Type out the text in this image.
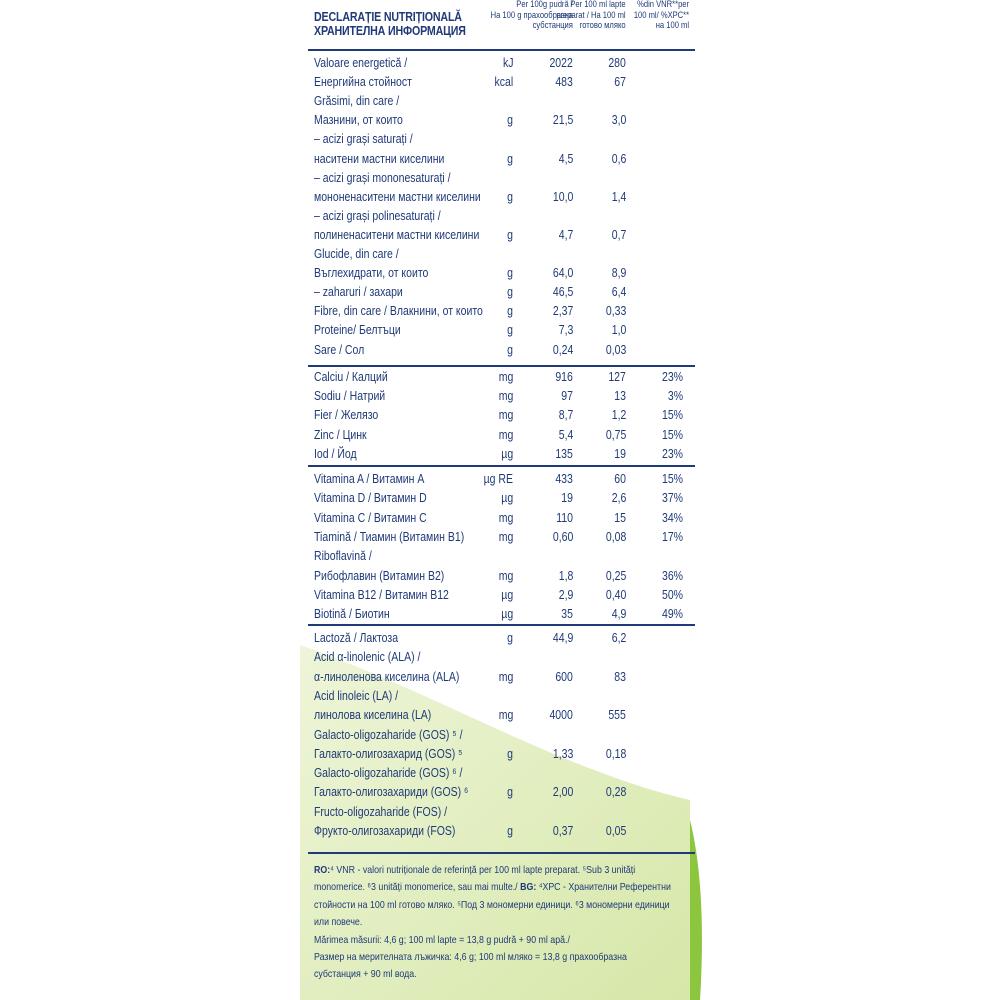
DECLARAȚIE NUTRIȚIONALĂ
ХРАНИТЕЛНА ИНФОРМАЦИЯ
Per 100g pudră /
На 100 g прахообразна
субстанция
Per 100 ml lapte
preparat / На 100 ml
готово мляко
%din VNR**per
100 ml/ %ХРС**
на 100 ml
Valoare energetică /	kJ	2022	280
Енергийна стойност	kcal	483	67
Grăsimi, din care /
Мазнини, от които	g	21,5	3,0
– acizi grași saturați /
наситени мастни киселини	g	4,5	0,6
– acizi grași mononesaturați /
мононенаситени мастни киселини g	10,0	1,4
– acizi grași polinesaturați /
полиненаситени мастни киселини g	4,7	0,7
Glucide, din care /
Въглехидрати, от които	g	64,0	8,9
– zaharuri / захари	g	46,5	6,4
Fibre, din care / Влакнини, от които g	2,37	0,33
Proteine/ Белтъци	g	7,3	1,0
Sare / Сол	g	0,24	0,03
Calciu / Калций	mg	916	127	23%
Sodiu / Натрий	mg	97	13	3%
Fier / Желязо	mg	8,7	1,2	15%
Zinc / Цинк	mg	5,4	0,75	15%
Iod / Йод	µg	135	19	23%
Vitamina A / Витамин A	µg RE	433	60	15%
Vitamina D / Витамин D	µg	19	2,6	37%
Vitamina C / Витамин C	mg	110	15	34%
Tiamină / Тиамин (Витамин B1)	mg	0,60	0,08	17%
Riboflavină /
Рибофлавин (Витамин B2)	mg	1,8	0,25	36%
Vitamina B12 / Витамин B12	µg	2,9	0,40	50%
Biotină / Биотин	µg	35	4,9	49%
Lactoză / Лактоза	g	44,9	6,2
Acid α-linolenic (ALA) /
α-линоленова киселина (ALA)	mg	600	83
Acid linoleic (LA) /
линолова киселина (LA)	mg	4000	555
Galacto-oligozaharide (GOS) ⁵ /
Галакто-олигозахарид (GOS) ⁵	g	1,33	0,18
Galacto-oligozaharide (GOS) ⁶ /
Галакто-олигозахариди (GOS) ⁶	g	2,00	0,28
Fructo-oligozaharide (FOS) /
Фрукто-олигозахариди (FOS)	g	0,37	0,05

RO:⁴ VNR - valori nutriționale de referință per 100 ml lapte preparat. ⁵Sub 3 unități

monomerice. ⁶3 unități monomerice, sau mai multe./ BG: ⁴ХРС - Хранителни Референтни

стойности на 100 ml готово мляко. ⁵Под 3 мономерни единици. ⁶3 мономерни единици

или повече.

Mărimea măsurii: 4,6 g; 100 ml lapte = 13,8 g pudră + 90 ml apă./

Размер на мерителната лъжичка: 4,6 g; 100 ml мляко = 13,8 g прахообразна

субстанция + 90 ml вода.
